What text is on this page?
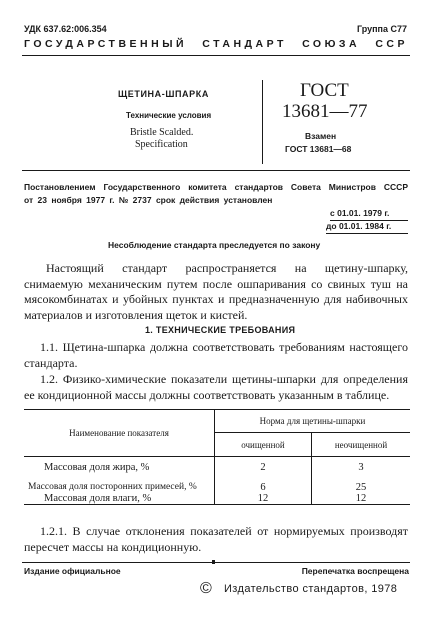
УДК 637.62:006.354	Группа С77
ГОСУДАРСТВЕННЫЙ СТАНДАРТ СОЮЗА ССР
ЩЕТИНА-ШПАРКА
Технические условия
Bristle Scalded.
Specification
ГОСТ
13681—77
Взамен
ГОСТ 13681—68
Постановлением Государственного комитета стандартов Совета Министров СССР
от 23 ноября 1977 г. № 2737 срок действия установлен
с 01.01. 1979 г.
до 01.01. 1984 г.
Несоблюдение стандарта преследуется по закону

Настоящий стандарт распространяется на щетину-шпарку, снимаемую механическим путем после ошпаривания со свиных туш на мясокомбинатах и убойных пунктах и предназначенную для набивочных материалов и изготовления щеток и кистей.

1. ТЕХНИЧЕСКИЕ ТРЕБОВАНИЯ

1.1. Щетина-шпарка должна соответствовать требованиям настоящего стандарта.

1.2. Физико-химические показатели щетины-шпарки для определения ее кондиционной массы должны соответствовать указанным в таблице.

Наименование показателя	Норма для щетины-шпарки	
	очищенной	неочищенной
Массовая доля жира, %	2	3
Массовая доля посторонних примесей, %	6	25
Массовая доля влаги, %	12	12

1.2.1. В случае отклонения показателей от нормируемых производят пересчет массы на кондиционную.

Издание официальное	Перепечатка воспрещена
© Издательство стандартов, 1978
